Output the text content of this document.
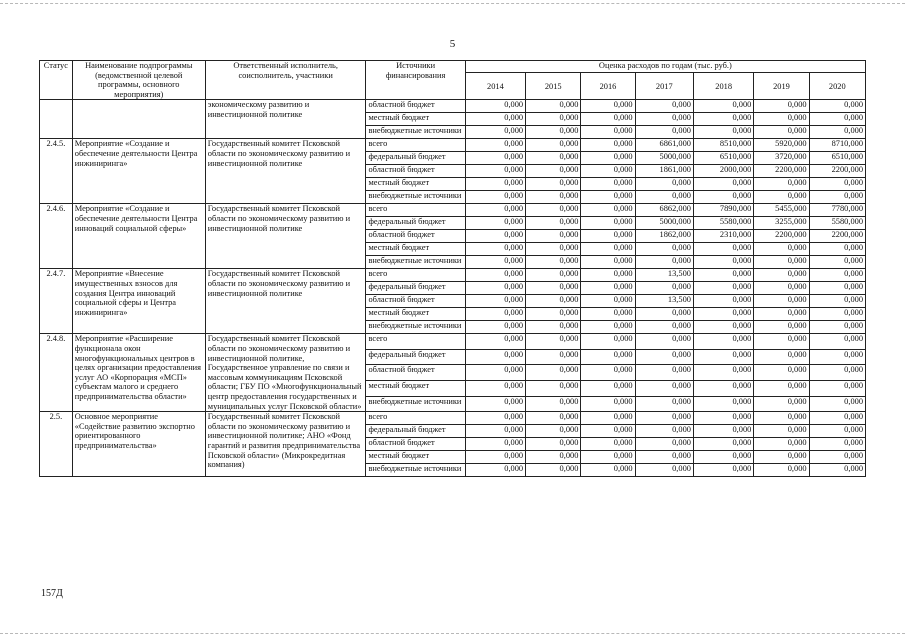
5
Статус	Наименование подпрограммы (ведомственной целевой программы, основного мероприятия)	Ответственный исполнитель, соисполнитель, участники	Источники финансирования	Оценка расходов по годам (тыс. руб.)						
				2014	2015	2016	2017	2018	2019	2020
		экономическому развитию и инвестиционной политике	областной бюджет	0,000	0,000	0,000	0,000	0,000	0,000	0,000
			местный бюджет	0,000	0,000	0,000	0,000	0,000	0,000	0,000
			внебюджетные источники	0,000	0,000	0,000	0,000	0,000	0,000	0,000
2.4.5.	Мероприятие «Создание и обеспечение деятельности Центра инжиниринга»	Государственный комитет Псковской области по экономическому развитию и инвестиционной политике	всего	0,000	0,000	0,000	6861,000	8510,000	5920,000	8710,000
			федеральный бюджет	0,000	0,000	0,000	5000,000	6510,000	3720,000	6510,000
			областной бюджет	0,000	0,000	0,000	1861,000	2000,000	2200,000	2200,000
			местный бюджет	0,000	0,000	0,000	0,000	0,000	0,000	0,000
			внебюджетные источники	0,000	0,000	0,000	0,000	0,000	0,000	0,000
2.4.6.	Мероприятие «Создание и обеспечение деятельности Центра инноваций социальной сферы»	Государственный комитет Псковской области по экономическому развитию и инвестиционной политике	всего	0,000	0,000	0,000	6862,000	7890,000	5455,000	7780,000
			федеральный бюджет	0,000	0,000	0,000	5000,000	5580,000	3255,000	5580,000
			областной бюджет	0,000	0,000	0,000	1862,000	2310,000	2200,000	2200,000
			местный бюджет	0,000	0,000	0,000	0,000	0,000	0,000	0,000
			внебюджетные источники	0,000	0,000	0,000	0,000	0,000	0,000	0,000
2.4.7.	Мероприятие «Внесение имущественных взносов для создания Центра инноваций социальной сферы и Центра инжиниринга»	Государственный комитет Псковской области по экономическому развитию и инвестиционной политике	всего	0,000	0,000	0,000	13,500	0,000	0,000	0,000
			федеральный бюджет	0,000	0,000	0,000	0,000	0,000	0,000	0,000
			областной бюджет	0,000	0,000	0,000	13,500	0,000	0,000	0,000
			местный бюджет	0,000	0,000	0,000	0,000	0,000	0,000	0,000
			внебюджетные источники	0,000	0,000	0,000	0,000	0,000	0,000	0,000
2.4.8.	Мероприятие «Расширение функционала окон многофункциональных центров в целях организации предоставления услуг АО «Корпорация «МСП» субъектам малого и среднего предпринимательства области»	Государственный комитет Псковской области по экономическому развитию и инвестиционной политике, Государственное управление по связи и массовым коммуникациям Псковской области; ГБУ ПО «Многофункциональный центр предоставления государственных и муниципальных услуг Псковской области»	всего	0,000	0,000	0,000	0,000	0,000	0,000	0,000
			федеральный бюджет	0,000	0,000	0,000	0,000	0,000	0,000	0,000
			областной бюджет	0,000	0,000	0,000	0,000	0,000	0,000	0,000
			местный бюджет	0,000	0,000	0,000	0,000	0,000	0,000	0,000
			внебюджетные источники	0,000	0,000	0,000	0,000	0,000	0,000	0,000
2.5.	Основное мероприятие «Содействие развитию экспортно ориентированного предпринимательства»	Государственный комитет Псковской области по экономическому развитию и инвестиционной политике; АНО «Фонд гарантий и развития предпринимательства Псковской области» (Микрокредитная компания)	всего	0,000	0,000	0,000	0,000	0,000	0,000	0,000
			федеральный бюджет	0,000	0,000	0,000	0,000	0,000	0,000	0,000
			областной бюджет	0,000	0,000	0,000	0,000	0,000	0,000	0,000
			местный бюджет	0,000	0,000	0,000	0,000	0,000	0,000	0,000
			внебюджетные источники	0,000	0,000	0,000	0,000	0,000	0,000	0,000
157Д
